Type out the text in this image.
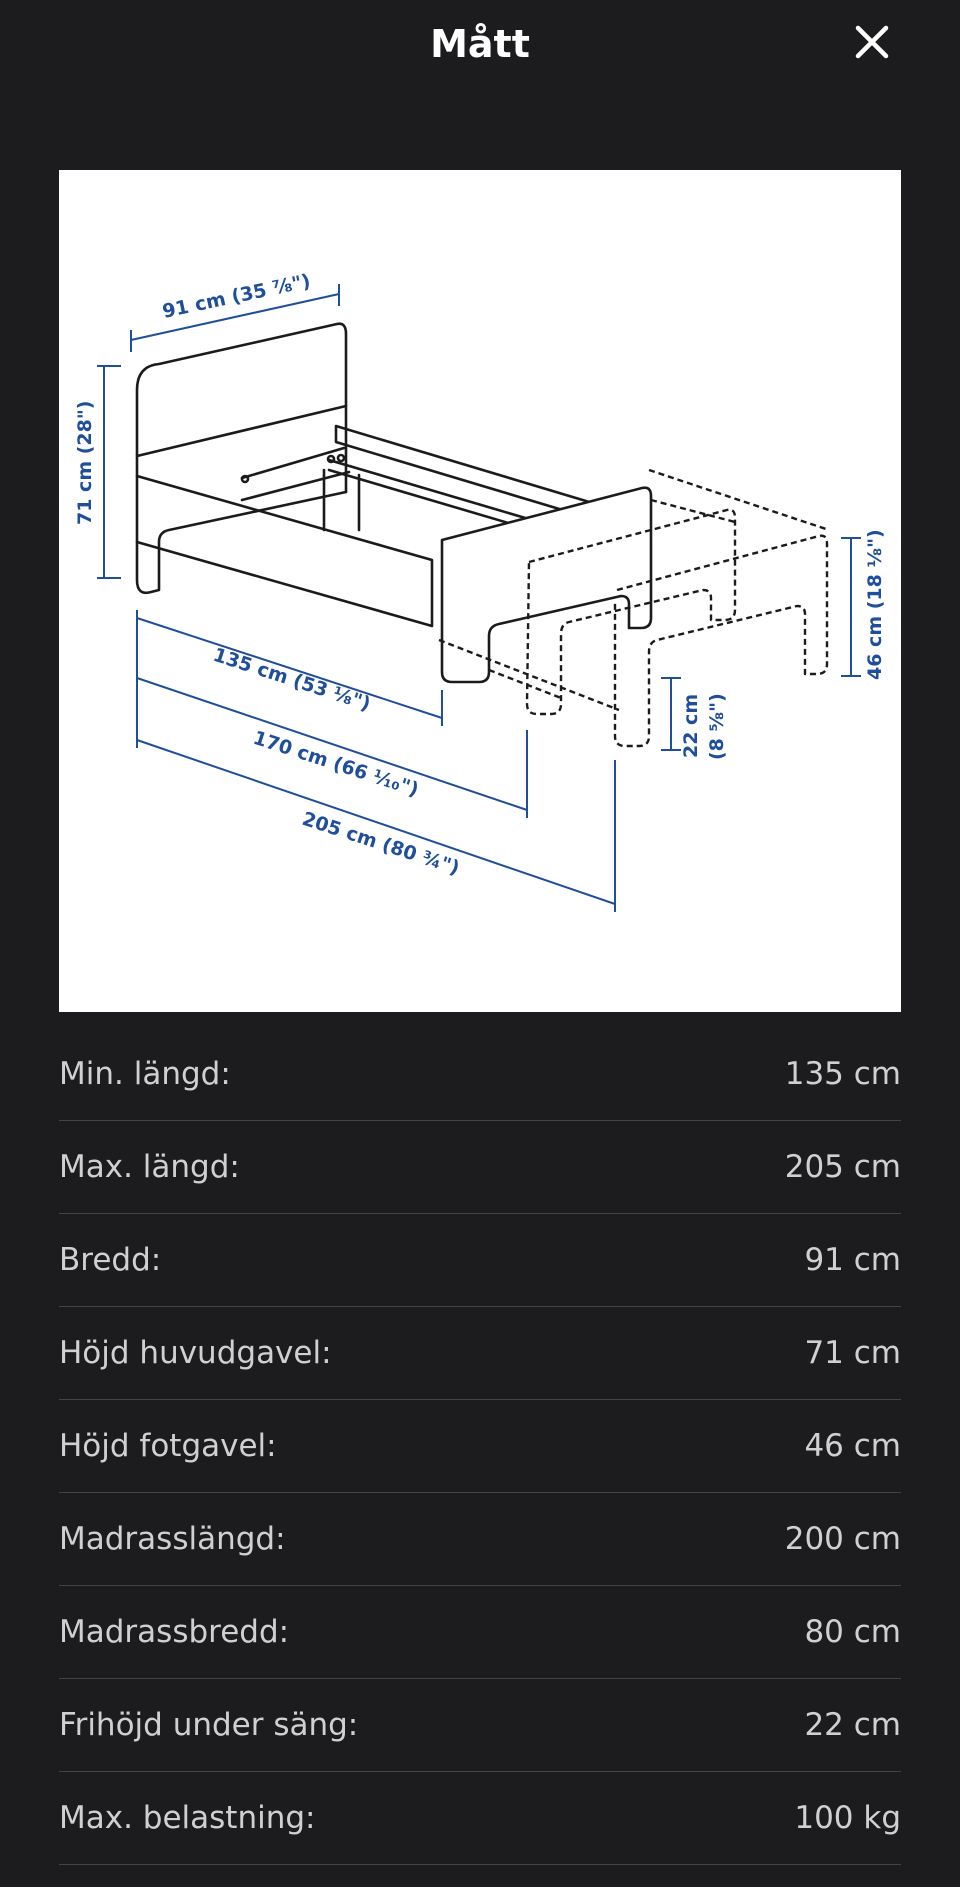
Mått
91 cm (35 ⅞")
71 cm (28")
46 cm (18 ⅛")
22 cm (8 ⅝")
135 cm (53 ⅛")
170 cm (66 ⅒")
205 cm (80 ¾")
Min. längd:	135 cm
Max. längd:	205 cm
Bredd:	91 cm
Höjd huvudgavel:	71 cm
Höjd fotgavel:	46 cm
Madrasslängd:	200 cm
Madrassbredd:	80 cm
Frihöjd under säng:	22 cm
Max. belastning:	100 kg
